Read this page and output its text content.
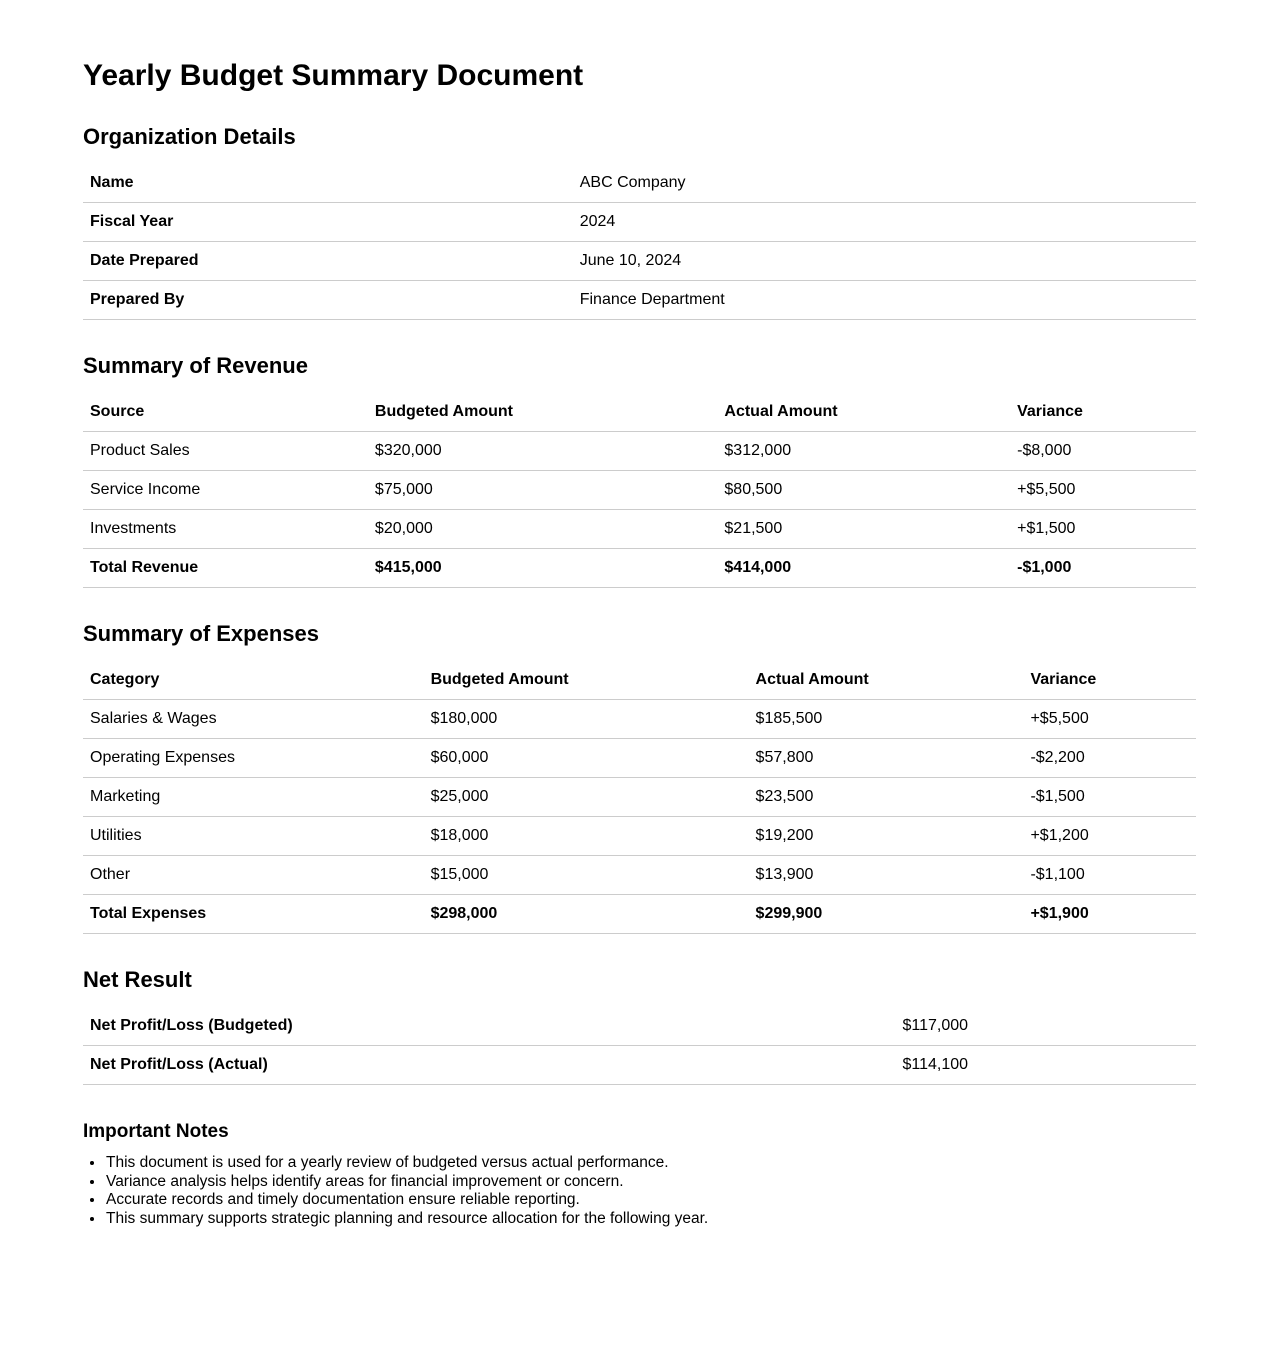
Yearly Budget Summary Document
Organization Details
Name	ABC Company
Fiscal Year	2024
Date Prepared	June 10, 2024
Prepared By	Finance Department
Summary of Revenue
Source	Budgeted Amount	Actual Amount	Variance
Product Sales	$320,000	$312,000	-$8,000
Service Income	$75,000	$80,500	+$5,500
Investments	$20,000	$21,500	+$1,500
Total Revenue	$415,000	$414,000	-$1,000
Summary of Expenses
Category	Budgeted Amount	Actual Amount	Variance
Salaries & Wages	$180,000	$185,500	+$5,500
Operating Expenses	$60,000	$57,800	-$2,200
Marketing	$25,000	$23,500	-$1,500
Utilities	$18,000	$19,200	+$1,200
Other	$15,000	$13,900	-$1,100
Total Expenses	$298,000	$299,900	+$1,900
Net Result
Net Profit/Loss (Budgeted)	$117,000
Net Profit/Loss (Actual)	$114,100
Important Notes
• This document is used for a yearly review of budgeted versus actual performance.
• Variance analysis helps identify areas for financial improvement or concern.
• Accurate records and timely documentation ensure reliable reporting.
• This summary supports strategic planning and resource allocation for the following year.
